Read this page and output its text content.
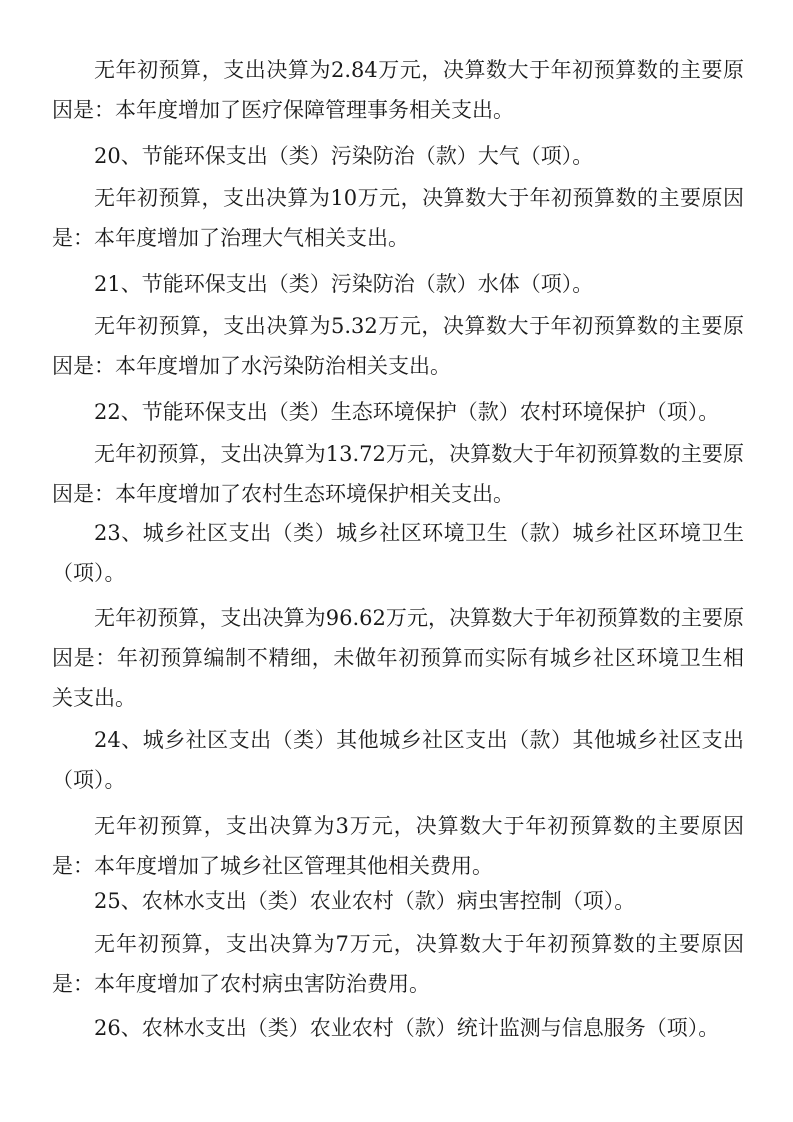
无年初预算，支出决算为2.84万元，决算数大于年初预算数的主要原因是：本年度增加了医疗保障管理事务相关支出。

20、节能环保支出（类）污染防治（款）大气（项）。

无年初预算，支出决算为10万元，决算数大于年初预算数的主要原因是：本年度增加了治理大气相关支出。

21、节能环保支出（类）污染防治（款）水体（项）。

无年初预算，支出决算为5.32万元，决算数大于年初预算数的主要原因是：本年度增加了水污染防治相关支出。

22、节能环保支出（类）生态环境保护（款）农村环境保护（项）。

无年初预算，支出决算为13.72万元，决算数大于年初预算数的主要原因是：本年度增加了农村生态环境保护相关支出。

23、城乡社区支出（类）城乡社区环境卫生（款）城乡社区环境卫生（项）。

无年初预算，支出决算为96.62万元，决算数大于年初预算数的主要原因是：年初预算编制不精细，未做年初预算而实际有城乡社区环境卫生相关支出。

24、城乡社区支出（类）其他城乡社区支出（款）其他城乡社区支出（项）。

无年初预算，支出决算为3万元，决算数大于年初预算数的主要原因是：本年度增加了城乡社区管理其他相关费用。

25、农林水支出（类）农业农村（款）病虫害控制（项）。

无年初预算，支出决算为7万元，决算数大于年初预算数的主要原因是：本年度增加了农村病虫害防治费用。

26、农林水支出（类）农业农村（款）统计监测与信息服务（项）。
